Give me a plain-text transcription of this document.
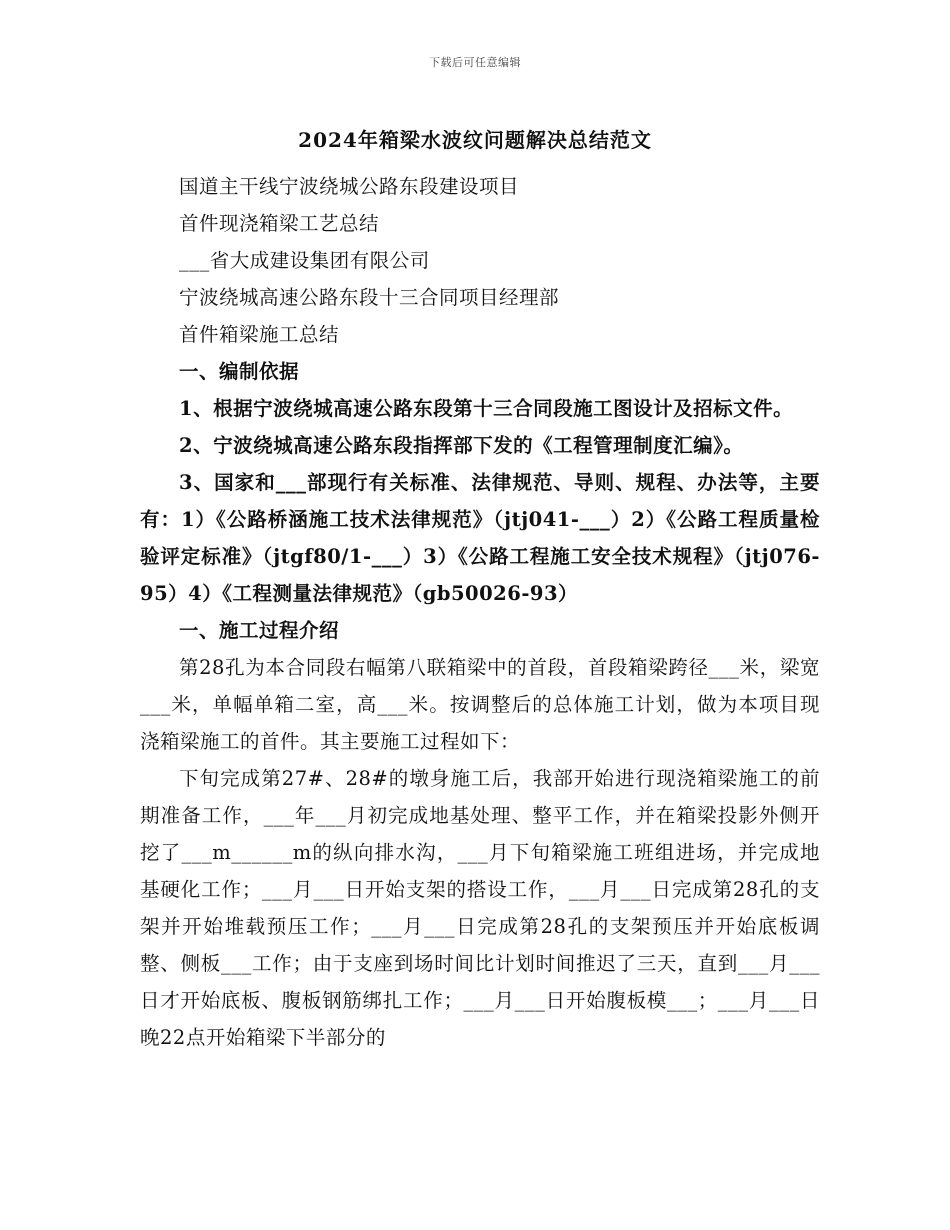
下载后可任意编辑
2024年箱梁水波纹问题解决总结范文

国道主干线宁波绕城公路东段建设项目

首件现浇箱梁工艺总结

___省大成建设集团有限公司

宁波绕城高速公路东段十三合同项目经理部

首件箱梁施工总结

一、编制依据

1、根据宁波绕城高速公路东段第十三合同段施工图设计及招标文件。

2、宁波绕城高速公路东段指挥部下发的《工程管理制度汇编》。

3、国家和___部现行有关标准、法律规范、导则、规程、办法等，主要有：1）《公路桥涵施工技术法律规范》（jtj041-___）2）《公路工程质量检验评定标准》（jtgf80/1-___）3）《公路工程施工安全技术规程》（jtj076-95）4）《工程测量法律规范》（gb50026-93）

一、施工过程介绍

第28孔为本合同段右幅第八联箱梁中的首段，首段箱梁跨径___米，梁宽___米，单幅单箱二室，高___米。按调整后的总体施工计划，做为本项目现浇箱梁施工的首件。其主要施工过程如下：

下旬完成第27#、28#的墩身施工后，我部开始进行现浇箱梁施工的前期准备工作，___年___月初完成地基处理、整平工作，并在箱梁投影外侧开挖了___m______m的纵向排水沟，___月下旬箱梁施工班组进场，并完成地基硬化工作；___月___日开始支架的搭设工作，___月___日完成第28孔的支架并开始堆载预压工作；___月___日完成第28孔的支架预压并开始底板调整、侧板___工作；由于支座到场时间比计划时间推迟了三天，直到___月___日才开始底板、腹板钢筋绑扎工作；___月___日开始腹板模___；___月___日晚22点开始箱梁下半部分的
